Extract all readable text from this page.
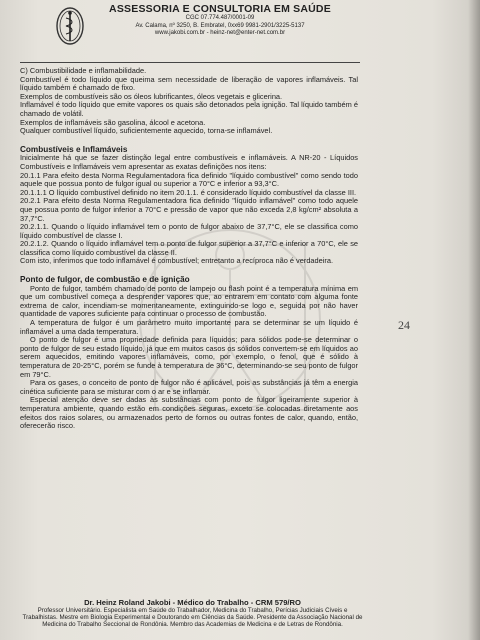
ASSESSORIA E CONSULTORIA EM SAÚDE
CGC 07.774.487/0001-09
Av. Calama, nº 3250, B. Embratel, 0xx69 9981-2901/3225-5137
www.jakobi.com.br - heinz-net@enter-net.com.br

C) Combustibilidade e inflamabilidade.

Combustível é todo líquido que queima sem necessidade de liberação de vapores inflamáveis. Tal líquido também é chamado de fixo.

Exemplos de combustíveis são os óleos lubrificantes, óleos vegetais e glicerina.

Inflamável é todo líquido que emite vapores os quais são detonados pela ignição. Tal líquido também é chamado de volátil.

Exemplos de inflamáveis são gasolina, álcool e acetona.

Qualquer combustível líquido, suficientemente aquecido, torna-se inflamável.

Combustíveis e Inflamáveis

Inicialmente há que se fazer distinção legal entre combustíveis e inflamáveis. A NR-20 - Líquidos Combustíveis e Inflamáveis vem apresentar as exatas definições nos itens:

20.1.1 Para efeito desta Norma Regulamentadora fica definido "líquido combustível" como sendo todo aquele que possua ponto de fulgor igual ou superior a 70°C e inferior a 93,3°C.

20.1.1.1 O líquido combustível definido no item 20.1.1. é considerado líquido combustível da classe III.

20.2.1 Para efeito desta Norma Regulamentadora fica definido "líquido inflamável" como todo aquele que possua ponto de fulgor inferior a 70°C e pressão de vapor que não exceda 2,8 kg/cm² absoluta a 37,7°C.

20.2.1.1. Quando o líquido inflamável tem o ponto de fulgor abaixo de 37,7°C, ele se classifica como líquido combustível de classe I.

20.2.1.2. Quando o líquido inflamável tem o ponto de fulgor superior a 37,7°C e inferior a 70°C, ele se classifica como líquido combustível da classe II.

Com isto, inferimos que todo inflamável é combustível; entretanto a recíproca não é verdadeira.

Ponto de fulgor, de combustão e de ignição

Ponto de fulgor, também chamado de ponto de lampejo ou flash point é a temperatura mínima em que um combustível começa a desprender vapores que, ao entrarem em contato com alguma fonte extrema de calor, incendiam-se momentaneamente, extinguindo-se logo e, seguida por não haver quantidade de vapores suficiente para continuar o processo de combustão.

A temperatura de fulgor é um parâmetro muito importante para se determinar se um líquido é inflamável a uma dada temperatura.

O ponto de fulgor é uma propriedade definida para líquidos; para sólidos pode-se determinar o ponto de fulgor de seu estado líquido, já que em muitos casos os sólidos convertem-se em líquidos ao serem aquecidos, emitindo vapores inflamáveis, como, por exemplo, o fenol, que é sólido à temperatura de 20-25°C, porém se funde à temperatura de 36°C, determinando-se seu ponto de fulgor em 79°C.

Para os gases, o conceito de ponto de fulgor não é aplicável, pois as substâncias já têm a energia cinética suficiente para se misturar com o ar e se inflamar.

Especial atenção deve ser dadas às substâncias com ponto de fulgor ligeiramente superior à temperatura ambiente, quando estão em condições seguras, exceto se colocadas diretamente aos efeitos dos raios solares, ou armazenados perto de fornos ou outras fontes de calor, quando, então, oferecerão risco.

24
Dr. Heinz Roland Jakobi - Médico do Trabalho - CRM 579/RO
Professor Universitário. Especialista em Saúde do Trabalhador, Medicina do Trabalho, Perícias Judiciais Cíveis e Trabalhistas. Mestre em Biologia Experimental e Doutorando em Ciências da Saúde. Presidente da Associação Nacional de Medicina do Trabalho Seccional de Rondônia. Membro das Academias de Medicina e de Letras de Rondônia.
